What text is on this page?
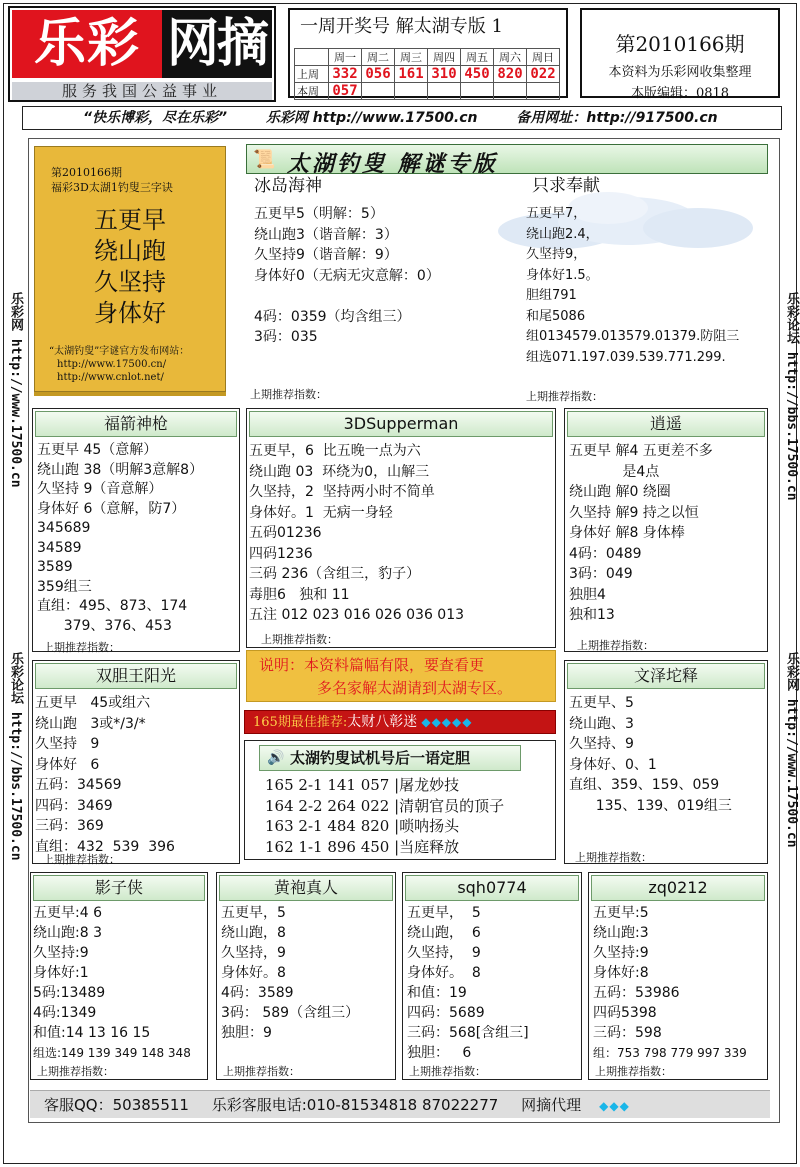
乐彩 网摘
服务我国公益事业
一周开奖号 解太湖专版 1
	周一	周二	周三	周四	周五	周六	周日
上周	332	056	161	310	450	820	022
本周	057						
第2010166期
本资料为乐彩网收集整理
本版编辑：0818
“快乐博彩，尽在乐彩”	乐彩网 http://www.17500.cn	备用网址：http://917500.cn
乐彩网 http://www.17500.cn
乐彩论坛 http://bbs.17500.cn
乐彩论坛 http://bbs.17500.cn
乐彩网 http://www.17500.cn
第2010166期
福彩3D太湖1钓叟三字诀
五更早
绕山跑
久坚持
身体好
“太湖钓叟”字谜官方发布网站：
http://www.17500.cn/
http://www.cnlot.net/
📜 太湖钓叟 解谜专版
冰岛海神
五更早5（明解：5）
绕山跑3（谐音解：3）
久坚持9（谐音解：9）
身体好0（无病无灾意解：0）

4码：0359（均含组三）
3码：035
上期推荐指数：
只求奉献
五更早7，
绕山跑2.4，
久坚持9，
身体好1.5。
胆组791
和尾5086
组0134579.013579.01379.防阻三
组选071.197.039.539.771.299.
上期推荐指数：
福箭神枪
五更早 45（意解）
绕山跑 38（明解3意解8）
久坚持 9（音意解）
身体好 6（意解，防7）
345689
34589
3589
359组三
直组：495、873、174
379、376、453
上期推荐指数：
3DSupperman
五更早，6  比五晚一点为六
绕山跑 03  环绕为0，山解三
久坚持，2  坚持两小时不简单
身体好。1  无病一身轻
五码01236
四码1236
三码 236（含组三，豹子）
毒胆6   独和 11
五注 012 023 016 026 036 013
上期推荐指数：
逍遥
五更早 解4 五更差不多
是4点
绕山跑 解0 绕圈
久坚持 解9 持之以恒
身体好 解8 身体棒
4码：0489
3码：049
独胆4
独和13
上期推荐指数：
双胆王阳光
五更早   45或组六
绕山跑   3或*/3/*
久坚持   9
身体好   6
五码：34569
四码：3469
三码：369
直组：432  539  396
上期推荐指数：
文泽坨释
五更早、5
绕山跑、3
久坚持、9
身体好、0、1
直组、359、159、059
135、139、019组三
上期推荐指数：
说明：本资料篇幅有限，要查看更
多名家解太湖请到太湖专区。
165期最佳推荐:太财八彰迷 ◆◆◆◆◆
太湖钓叟试机号后一语定胆
🔊
165 2-1 141 057 |屠龙妙技
164 2-2 264 022 |清朝官员的顶子
163 2-1 484 820 |唢呐扬头
162 1-1 896 450 |当庭释放
影子侠
五更早:4 6
绕山跑:8 3
久坚持:9
身体好:1
5码:13489
4码:1349
和值:14 13 16 15
组选:149 139 349 148 348
上期推荐指数：
黄袍真人
五更早，5
绕山跑，8
久坚持，9
身体好。8
4码：3589
3码： 589（含组三）
独胆：9
上期推荐指数：
sqh0774
五更早，  5
绕山跑，  6
久坚持，  9
身体好。  8
和值：19
四码：5689
三码：568[含组三]
独胆：   6
上期推荐指数：
zq0212
五更早:5
绕山跑:3
久坚持:9
身体好:8
五码：53986
四码5398
三码：598
组：753 798 779 997 339
上期推荐指数：
客服QQ：50385511 乐彩客服电话:010-81534818 87022277 网摘代理 ◆◆◆
